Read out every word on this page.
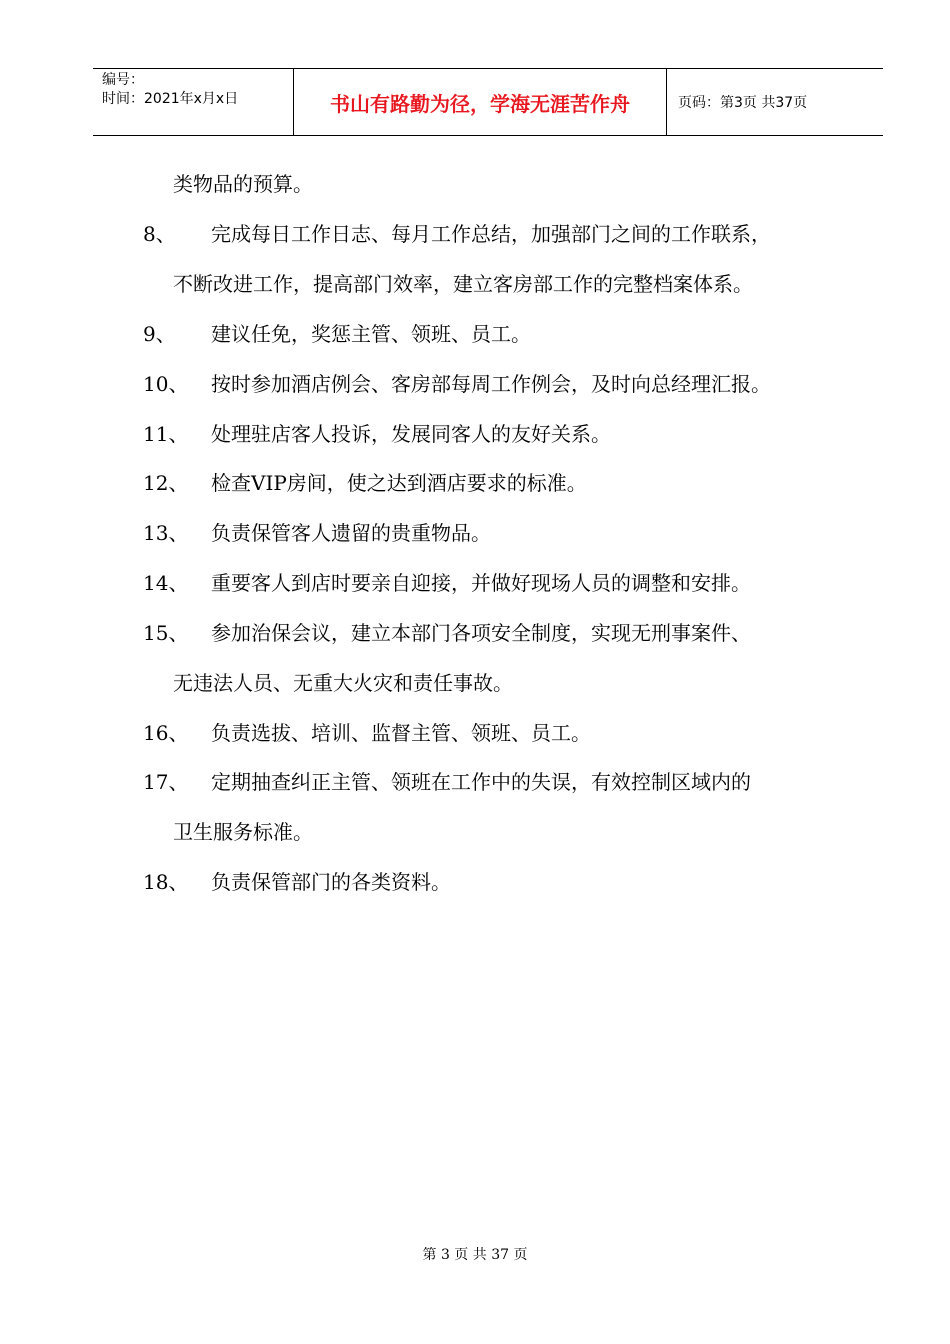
编号：
时间：2021年x月x日	书山有路勤为径，学海无涯苦作舟	页码：第3页 共37页
类物品的预算。
8、 完成每日工作日志、每月工作总结，加强部门之间的工作联系，
不断改进工作，提高部门效率，建立客房部工作的完整档案体系。
9、 建议任免，奖惩主管、领班、员工。
10、 按时参加酒店例会、客房部每周工作例会，及时向总经理汇报。
11、 处理驻店客人投诉，发展同客人的友好关系。
12、 检查VIP房间，使之达到酒店要求的标准。
13、 负责保管客人遗留的贵重物品。
14、 重要客人到店时要亲自迎接，并做好现场人员的调整和安排。
15、 参加治保会议，建立本部门各项安全制度，实现无刑事案件、
无违法人员、无重大火灾和责任事故。
16、 负责选拔、培训、监督主管、领班、员工。
17、 定期抽查纠正主管、领班在工作中的失误，有效控制区域内的
卫生服务标准。
18、 负责保管部门的各类资料。
第 3 页 共 37 页
